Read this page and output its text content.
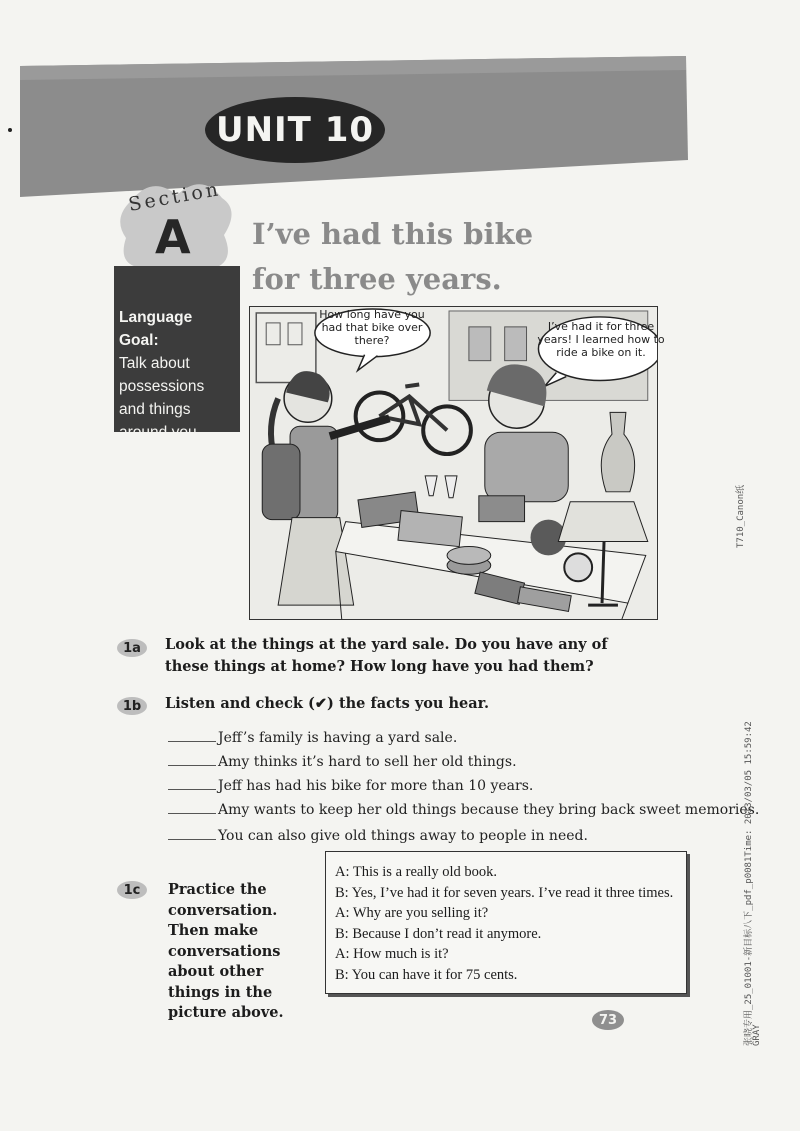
UNIT 10
Section
A I’ve had this bike for three years.
Language Goal:
Talk about possessions and things around you
How long have you had that bike over there?
I’ve had it for three years! I learned how to ride a bike on it.
1a	Look at the things at the yard sale. Do you have any of these things at home? How long have you had them?
1b	Listen and check (✔) the facts you hear.
Jeff’s family is having a yard sale.
Amy thinks it’s hard to sell her old things.
Jeff has had his bike for more than 10 years.
Amy wants to keep her old things because they bring back sweet memories.
You can also give old things away to people in need.
1c	Practice the conversation. Then make conversations about other things in the picture above.
A: This is a really old book.
B: Yes, I’ve had it for seven years. I’ve read it three times.
A: Why are you selling it?
B: Because I don’t read it anymore.
A: How much is it?
B: You can have it for 75 cents.
73
T710_Canon纸
张晓专用_25_01001-新目标八下_pdf_p0081Time: 2013/03/05 15:59:42
GRAY
